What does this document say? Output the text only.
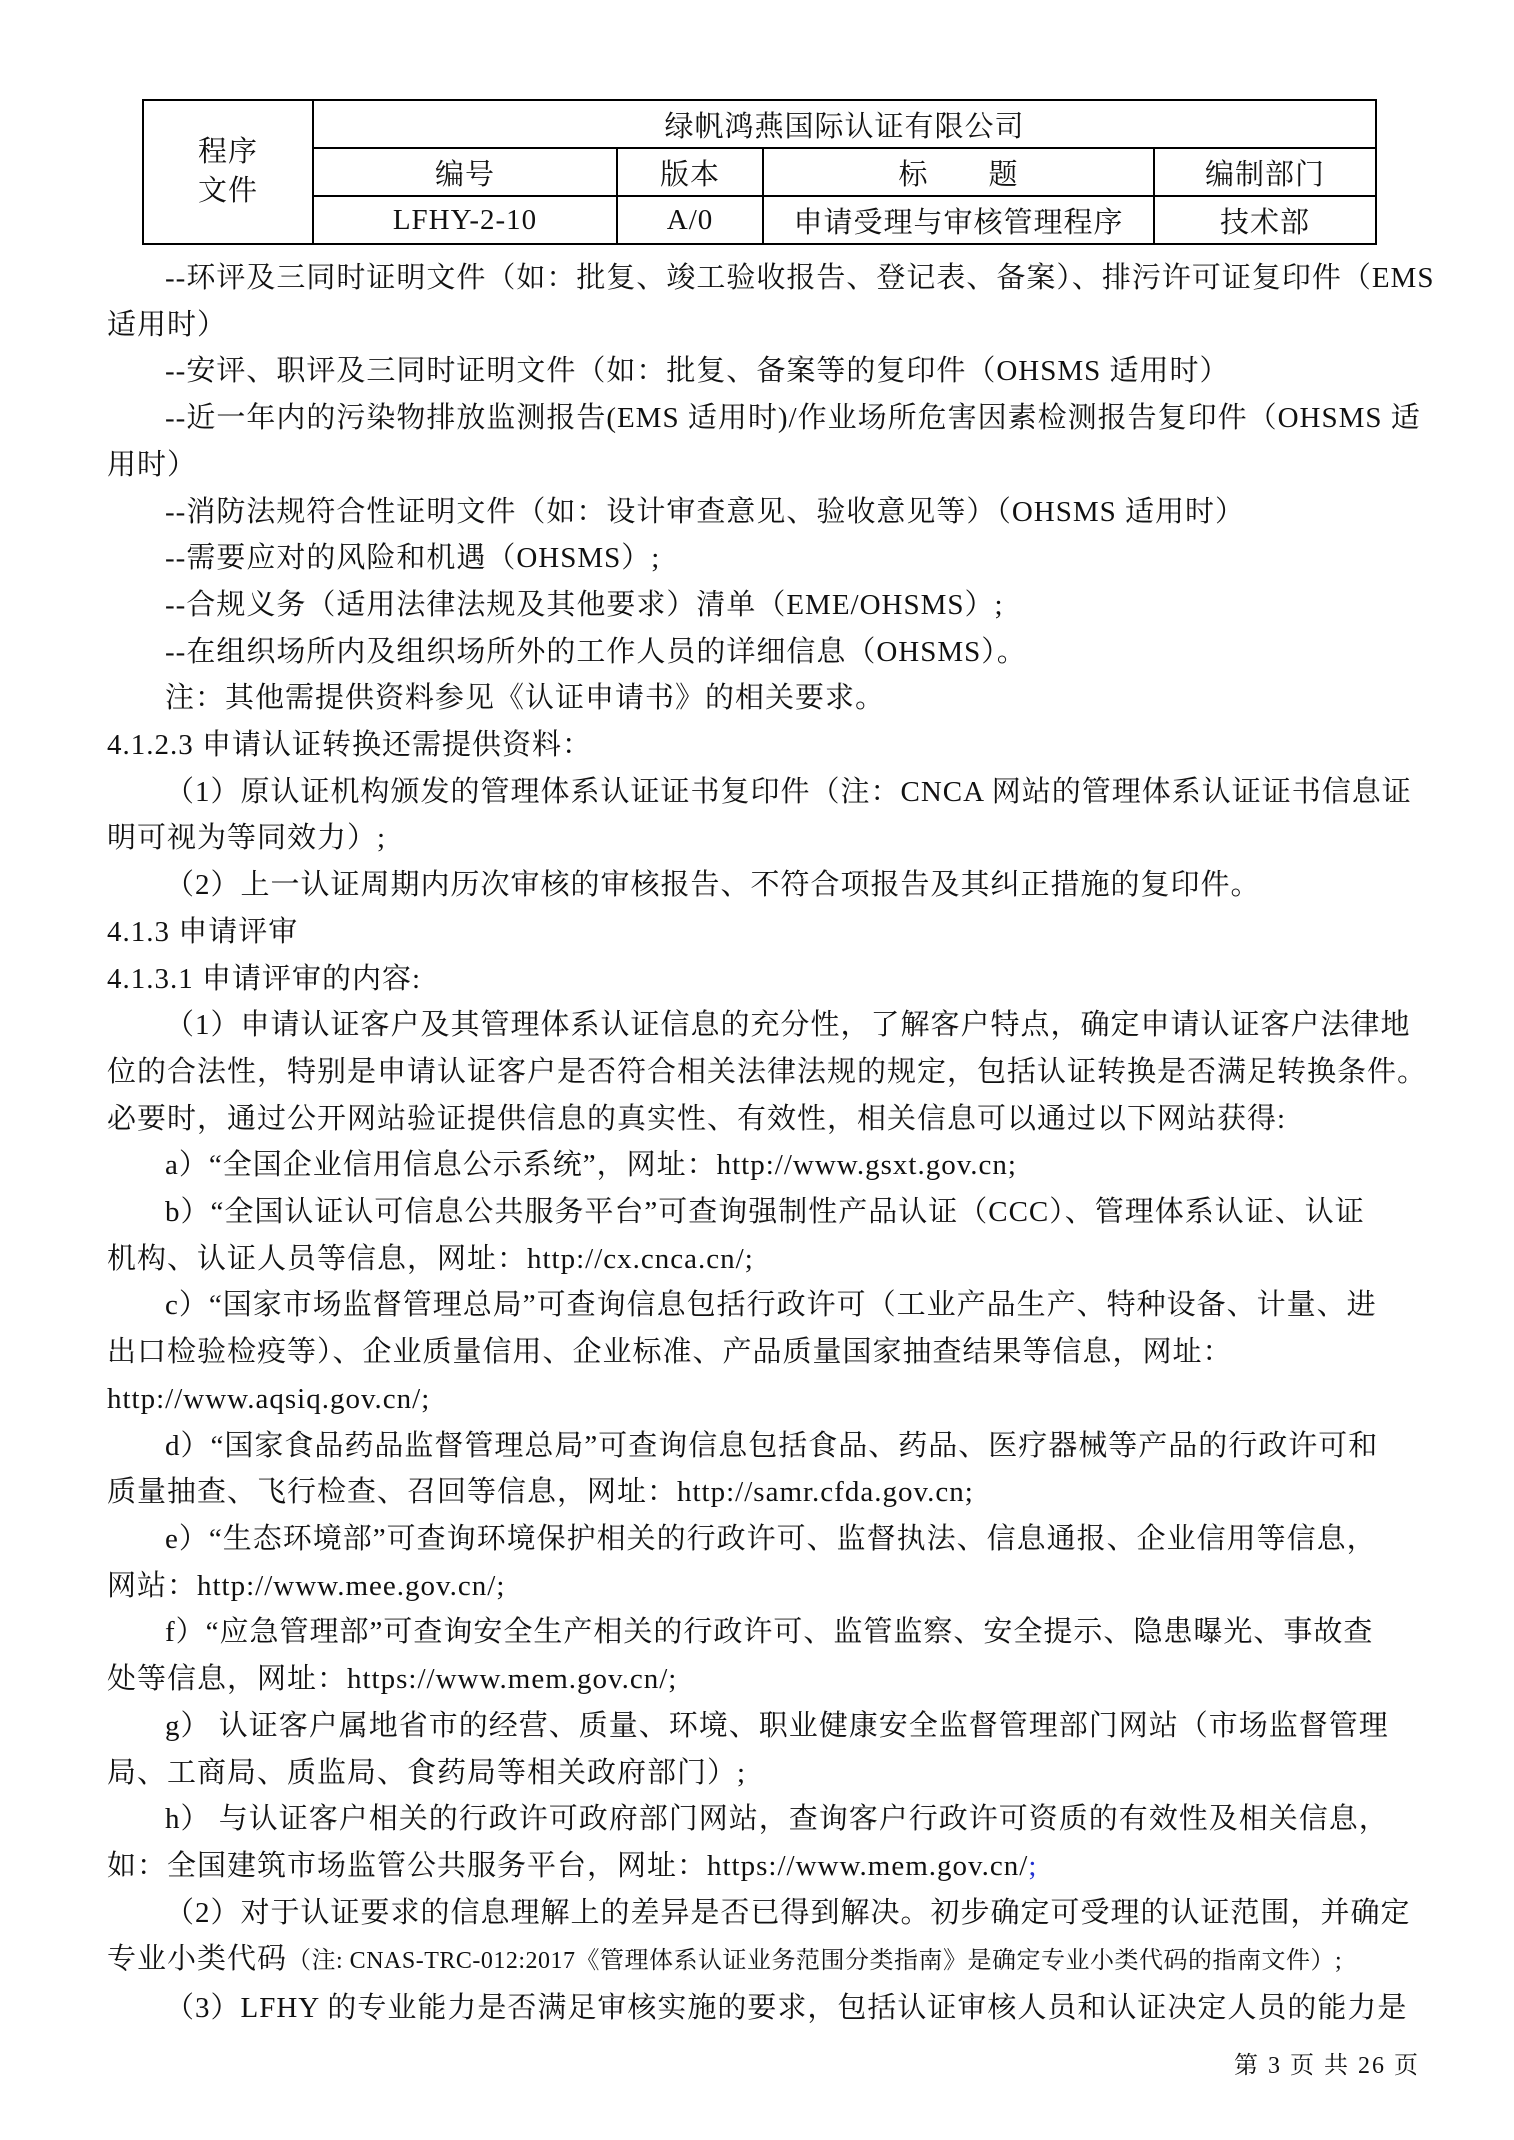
程序文件	绿帆鸿燕国际认证有限公司			
	编号	版本	标　　题	编制部门
	LFHY-2-10	A/0	申请受理与审核管理程序	技术部
--环评及三同时证明文件（如：批复、竣工验收报告、登记表、备案）、排污许可证复印件（EMS
适用时）
--安评、职评及三同时证明文件（如：批复、备案等的复印件（OHSMS 适用时）
--近一年内的污染物排放监测报告(EMS 适用时)/作业场所危害因素检测报告复印件（OHSMS 适
用时）
--消防法规符合性证明文件（如：设计审查意见、验收意见等）（OHSMS 适用时）
--需要应对的风险和机遇（OHSMS）;
--合规义务（适用法律法规及其他要求）清单（EME/OHSMS）;
--在组织场所内及组织场所外的工作人员的详细信息（OHSMS）。
注：其他需提供资料参见《认证申请书》的相关要求。
4.1.2.3 申请认证转换还需提供资料：
（1）原认证机构颁发的管理体系认证证书复印件（注：CNCA 网站的管理体系认证证书信息证
明可视为等同效力）;
（2）上一认证周期内历次审核的审核报告、不符合项报告及其纠正措施的复印件。
4.1.3 申请评审
4.1.3.1 申请评审的内容:
（1）申请认证客户及其管理体系认证信息的充分性，了解客户特点，确定申请认证客户法律地
位的合法性，特别是申请认证客户是否符合相关法律法规的规定，包括认证转换是否满足转换条件。
必要时，通过公开网站验证提供信息的真实性、有效性，相关信息可以通过以下网站获得:
a）“全国企业信用信息公示系统”，网址：http://www.gsxt.gov.cn;
b）“全国认证认可信息公共服务平台”可查询强制性产品认证（CCC）、管理体系认证、认证
机构、认证人员等信息，网址：http://cx.cnca.cn/;
c）“国家市场监督管理总局”可查询信息包括行政许可（工业产品生产、特种设备、计量、进
出口检验检疫等）、企业质量信用、企业标准、产品质量国家抽查结果等信息，网址：
http://www.aqsiq.gov.cn/;
d）“国家食品药品监督管理总局”可查询信息包括食品、药品、医疗器械等产品的行政许可和
质量抽查、飞行检查、召回等信息，网址：http://samr.cfda.gov.cn;
e）“生态环境部”可查询环境保护相关的行政许可、监督执法、信息通报、企业信用等信息，
网站：http://www.mee.gov.cn/;
f）“应急管理部”可查询安全生产相关的行政许可、监管监察、安全提示、隐患曝光、事故查
处等信息，网址：https://www.mem.gov.cn/;
g） 认证客户属地省市的经营、质量、环境、职业健康安全监督管理部门网站（市场监督管理
局、工商局、质监局、食药局等相关政府部门）;
h） 与认证客户相关的行政许可政府部门网站，查询客户行政许可资质的有效性及相关信息，
如：全国建筑市场监管公共服务平台，网址：https://www.mem.gov.cn/;
（2）对于认证要求的信息理解上的差异是否已得到解决。初步确定可受理的认证范围，并确定
专业小类代码（注: CNAS-TRC-012:2017《管理体系认证业务范围分类指南》是确定专业小类代码的指南文件）;
（3）LFHY 的专业能力是否满足审核实施的要求，包括认证审核人员和认证决定人员的能力是
第 3 页 共 26 页
